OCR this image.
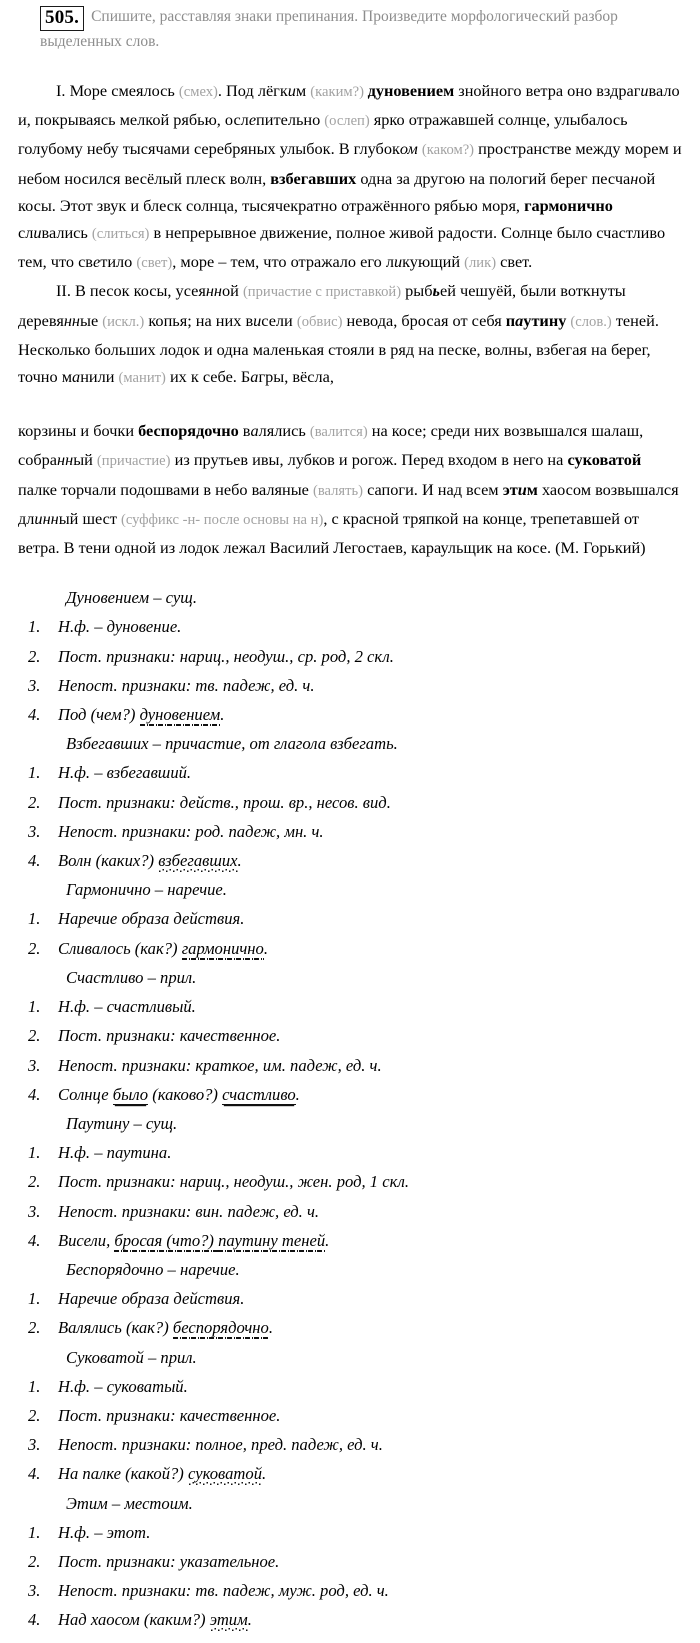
505. Спишите, расставляя знаки препинания. Произведите морфологический разбор выделенных слов.

I. Море смеялось (смех). Под лёгким (каким?) дуновением знойного ветра оно вздрагивало и, покрываясь мелкой рябью, ослепительно (ослеп) ярко отражавшей солнце, улыбалось голубому небу тысячами серебряных улыбок. В глубоком (каком?) пространстве между морем и небом носился весёлый плеск волн, взбегавших одна за другою на пологий берег песчаной косы. Этот звук и блеск солнца, тысячекратно отражённого рябью моря, гармонично сливались (слиться) в непрерывное движение, полное живой радости. Солнце было счастливо тем, что светило (свет), море – тем, что отражало его ликующий (лик) свет.

II. В песок косы, усеянной (причастие с приставкой) рыбьей чешуёй, были воткнуты деревянные (искл.) копья; на них висели (обвис) невода, бросая от себя паутину (слов.) теней. Несколько больших лодок и одна маленькая стояли в ряд на песке, волны, взбегая на берег, точно манили (манит) их к себе. Багры, вёсла,

корзины и бочки беспорядочно валялись (валится) на косе; среди них возвышался шалаш, собранный (причастие) из прутьев ивы, лубков и рогож. Перед входом в него на суковатой палке торчали подошвами в небо валяные (валять) сапоги. И над всем этим хаосом возвышался длинный шест (суффикс -н- после основы на н), с красной тряпкой на конце, трепетавшей от ветра. В тени одной из лодок лежал Василий Легостаев, караульщик на косе. (М. Горький)

Дуновением – сущ.
1.	Н.ф. – дуновение.
2.	Пост. признаки: нариц., неодуш., ср. род, 2 скл.
3.	Непост. признаки: тв. падеж, ед. ч.
4.	Под (чем?) дуновением.
Взбегавших – причастие, от глагола взбегать.
1.	Н.ф. – взбегавший.
2.	Пост. признаки: действ., прош. вр., несов. вид.
3.	Непост. признаки: род. падеж, мн. ч.
4.	Волн (каких?) взбегавших.
Гармонично – наречие.
1.	Наречие образа действия.
2.	Сливалось (как?) гармонично.
Счастливо – прил.
1.	Н.ф. – счастливый.
2.	Пост. признаки: качественное.
3.	Непост. признаки: краткое, им. падеж, ед. ч.
4.	Солнце было (каково?) счастливо.
Паутину – сущ.
1.	Н.ф. – паутина.
2.	Пост. признаки: нариц., неодуш., жен. род, 1 скл.
3.	Непост. признаки: вин. падеж, ед. ч.
4.	Висели, бросая (что?) паутину теней.
Беспорядочно – наречие.
1.	Наречие образа действия.
2.	Валялись (как?) беспорядочно.
Суковатой – прил.
1.	Н.ф. – суковатый.
2.	Пост. признаки: качественное.
3.	Непост. признаки: полное, пред. падеж, ед. ч.
4.	На палке (какой?) суковатой.
Этим – местоим.
1.	Н.ф. – этот.
2.	Пост. признаки: указательное.
3.	Непост. признаки: тв. падеж, муж. род, ед. ч.
4.	Над хаосом (каким?) этим.
